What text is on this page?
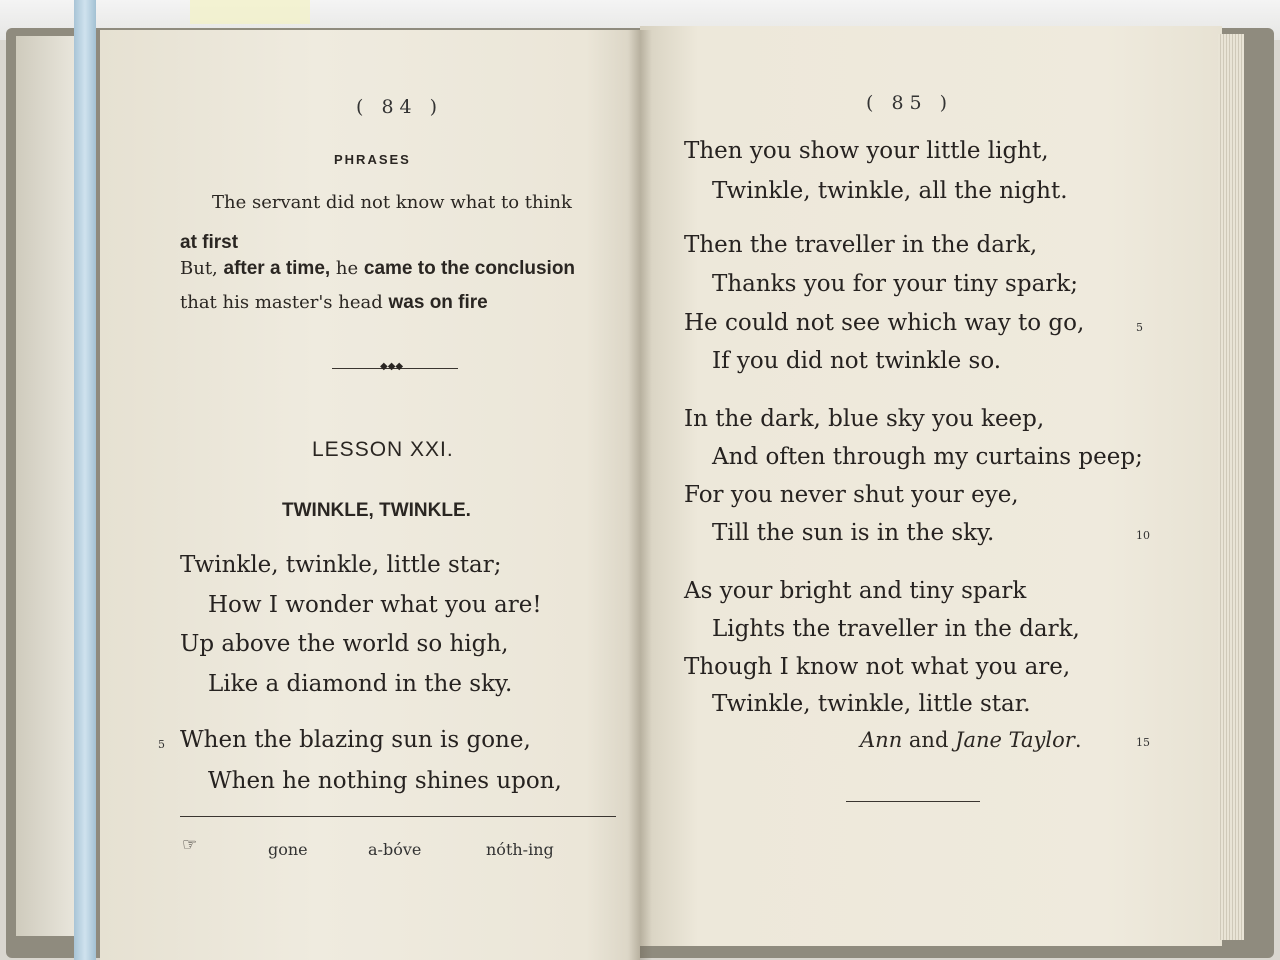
( 84 )
PHRASES
The servant did not know what to think
at first
But, after a time, he came to the conclusion
that his master's head was on fire
◆◆◆
LESSON XXI.
TWINKLE, TWINKLE.
Twinkle, twinkle, little star;
How I wonder what you are!
Up above the world so high,
Like a diamond in the sky.
5 When the blazing sun is gone,
When he nothing shines upon,
☞	gone	a-bóve	nóth-ing
( 85 )
Then you show your little light,
Twinkle, twinkle, all the night.
Then the traveller in the dark,
Thanks you for your tiny spark;
He could not see which way to go,	5
If you did not twinkle so.
In the dark, blue sky you keep,
And often through my curtains peep;
For you never shut your eye,
Till the sun is in the sky.	10
As your bright and tiny spark
Lights the traveller in the dark,
Though I know not what you are,
Twinkle, twinkle, little star.
Ann and Jane Taylor.	15
